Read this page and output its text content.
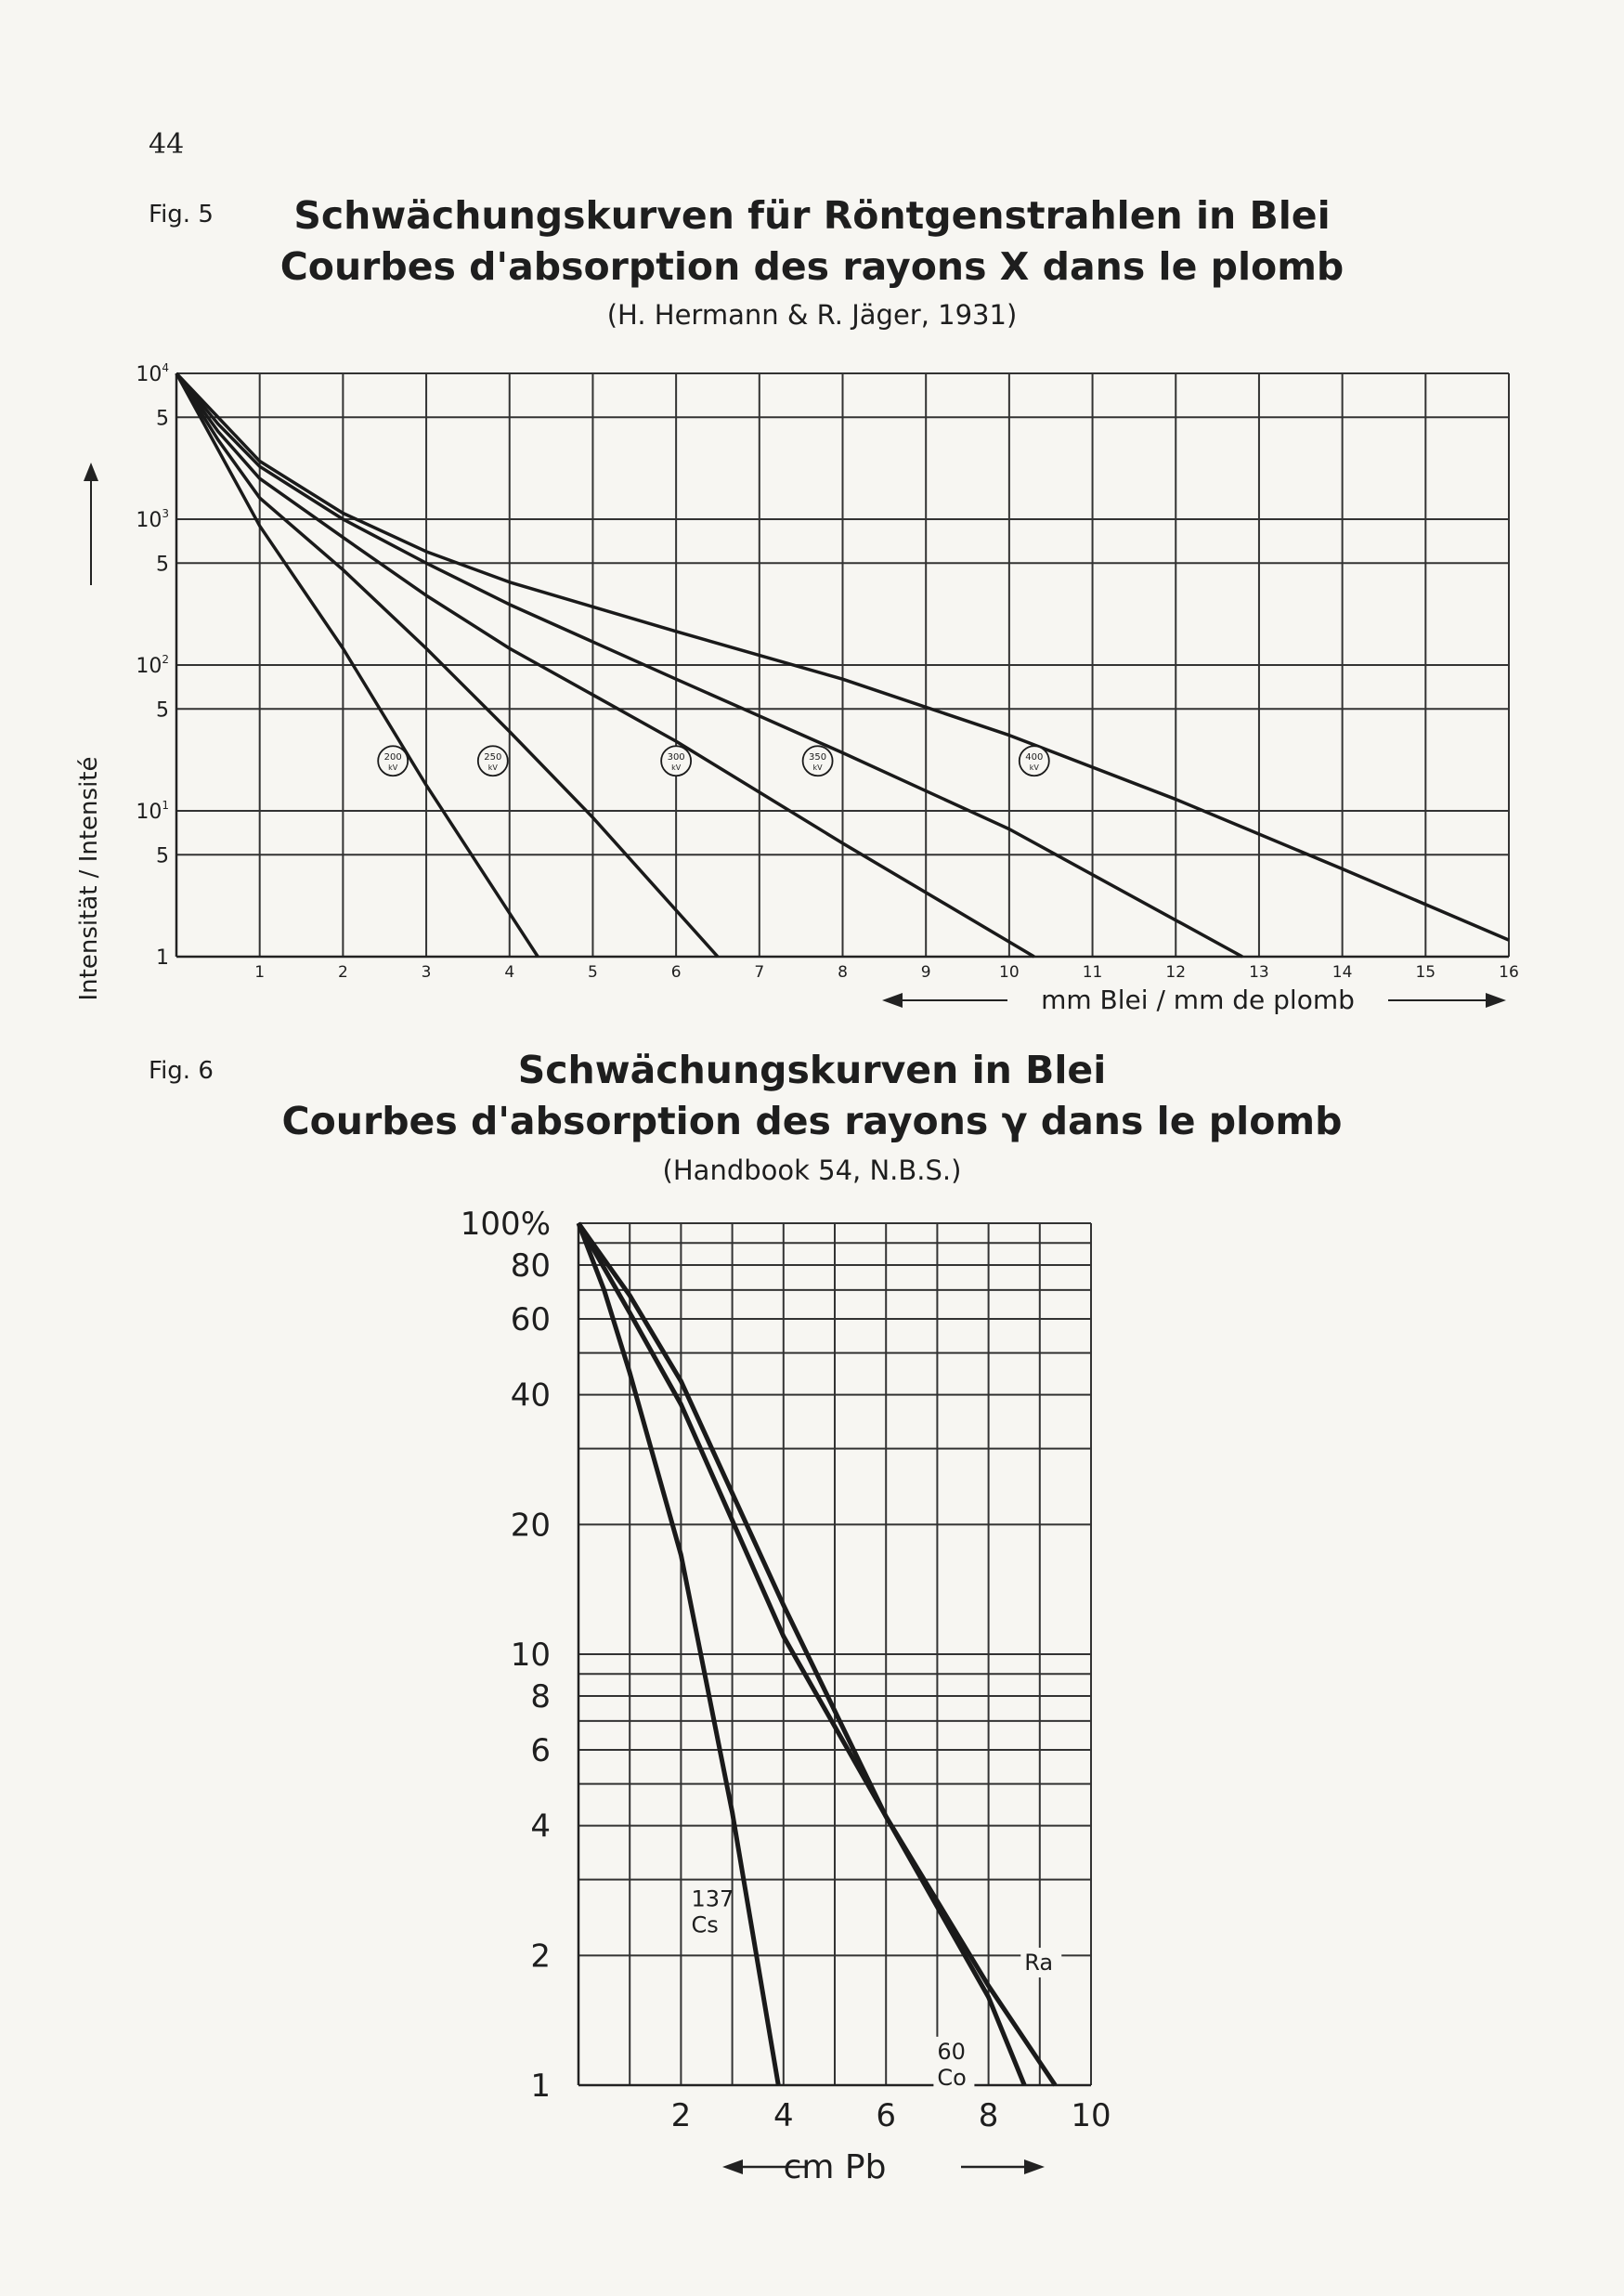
44
Fig. 5	Schwächungskurven für Röntgenstrahlen in Blei
Courbes d'absorption des rayons X dans le plomb
(H. Hermann & R. Jäger, 1931)
1	2	3	4	5	6	7	8	9	10	11	12	13	14	15	16
1
5
$10^1$
5
$10^2$
5
$10^3$
5
$10^4$
Intensität / Intensité	mm Blei / mm de plomb
200
kV
250
kV
300
kV
350
kV
400
kV
Fig. 6	Schwächungskurven in Blei
Courbes d'absorption des rayons γ dans le plomb
(Handbook 54, N.B.S.)
2	4	6	8 10
1
2
4
6
8
10
20
40
60
80
100%
cm Pb
137
Cs
60
Co
Ra
